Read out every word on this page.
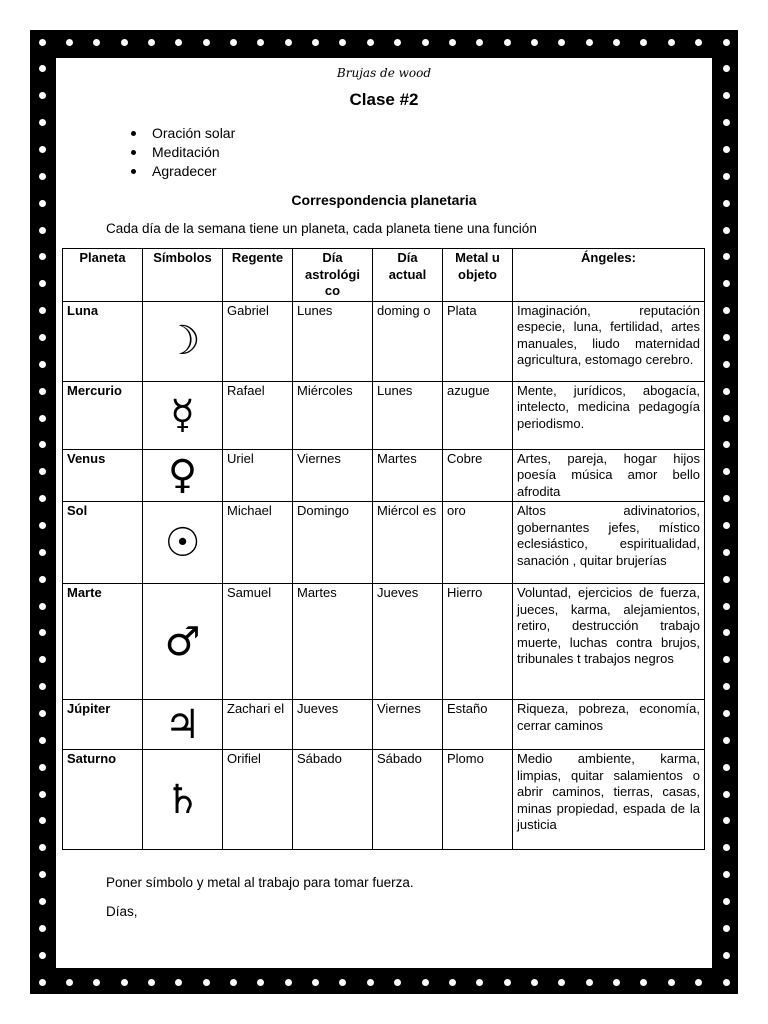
Brujas de wood
Clase #2
Oración solar
Meditación
Agradecer
Correspondencia planetaria
Cada día de la semana tiene un planeta, cada planeta tiene una función
Planeta	Símbolos	Regente	Día astrológi co	Día actual	Metal u objeto	Ángeles:
Luna	☽	Gabriel	Lunes	doming o	Plata	Imaginación, reputación especie, luna, fertilidad, artes manuales, liudo maternidad agricultura, estomago cerebro.
Mercurio	☿	Rafael	Miércoles	Lunes	azugue	Mente, jurídicos, abogacía, intelecto, medicina pedagogía periodismo.
Venus	♀	Uriel	Viernes	Martes	Cobre	Artes, pareja, hogar hijos poesía música amor bello afrodita
Sol	☉	Michael	Domingo	Miércol es	oro	Altos adivinatorios, gobernantes jefes, místico eclesiástico, espiritualidad, sanación , quitar brujerías
Marte	♂	Samuel	Martes	Jueves	Hierro	Voluntad, ejercicios de fuerza, jueces, karma, alejamientos, retiro, destrucción trabajo muerte, luchas contra brujos, tribunales t trabajos negros
Júpiter	♃	Zachari el	Jueves	Viernes	Estaño	Riqueza, pobreza, economía, cerrar caminos
Saturno	♄	Orifiel	Sábado	Sábado	Plomo	Medio ambiente, karma, limpias, quitar salamientos o abrir caminos, tierras, casas, minas propiedad, espada de la justicia
Poner símbolo y metal al trabajo para tomar fuerza.
Días,
